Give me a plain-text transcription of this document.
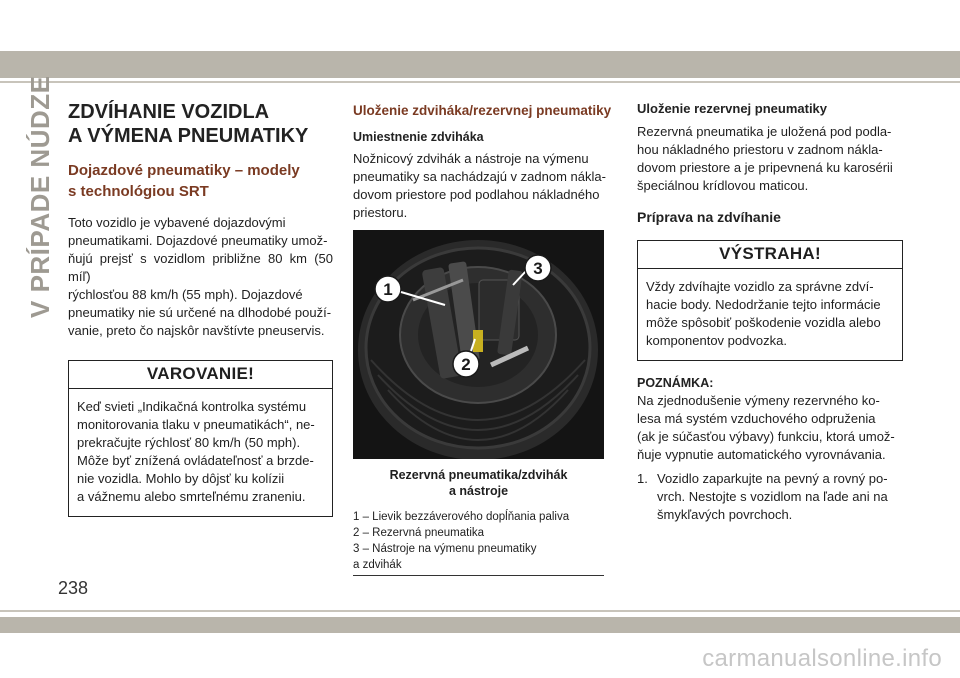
V PRÍPADE NÚDZE
238
carmanualsonline.info
ZDVÍHANIE VOZIDLA
A VÝMENA PNEUMATIKY
Dojazdové pneumatiky – modely
s technológiou SRT

Toto vozidlo je vybavené dojazdovými
pneumatikami. Dojazdové pneumatiky umož-
ňujú prejsť s vozidlom približne 80 km (50 míľ)
rýchlosťou 88 km/h (55 mph). Dojazdové
pneumatiky nie sú určené na dlhodobé použí-
vanie, preto čo najskôr navštívte pneuservis.

VAROVANIE!

Keď svieti „Indikačná kontrolka systému
monitorovania tlaku v pneumatikách“, ne-
prekračujte rýchlosť 80 km/h (50 mph).
Môže byť znížená ovládateľnosť a brzde-
nie vozidla. Mohlo by dôjsť ku kolízii
a vážnemu alebo smrteľnému zraneniu.

Uloženie zdviháka/rezervnej pneumatiky
Umiestnenie zdviháka

Nožnicový zdvihák a nástroje na výmenu
pneumatiky sa nachádzajú v zadnom nákla-
dovom priestore pod podlahou nákladného
priestoru.

1
2
3
Rezervná pneumatika/zdvihák
a nástroje
1 – Lievik bezzáverového dopĺňania paliva
2 – Rezervná pneumatika
3 – Nástroje na výmenu pneumatiky
a zdvihák
Uloženie rezervnej pneumatiky

Rezervná pneumatika je uložená pod podla-
hou nákladného priestoru v zadnom nákla-
dovom priestore a je pripevnená ku karosérii
špeciálnou krídlovou maticou.

Príprava na zdvíhanie
VÝSTRAHA!

Vždy zdvíhajte vozidlo za správne zdví-
hacie body. Nedodržanie tejto informácie
môže spôsobiť poškodenie vozidla alebo
komponentov podvozka.

POZNÁMKA:

Na zjednodušenie výmeny rezervného ko-
lesa má systém vzduchového odpruženia
(ak je súčasťou výbavy) funkciu, ktorá umož-
ňuje vypnutie automatického vyrovnávania.

1. Vozidlo zaparkujte na pevný a rovný po-
vrch. Nestojte s vozidlom na ľade ani na
šmykľavých povrchoch.
